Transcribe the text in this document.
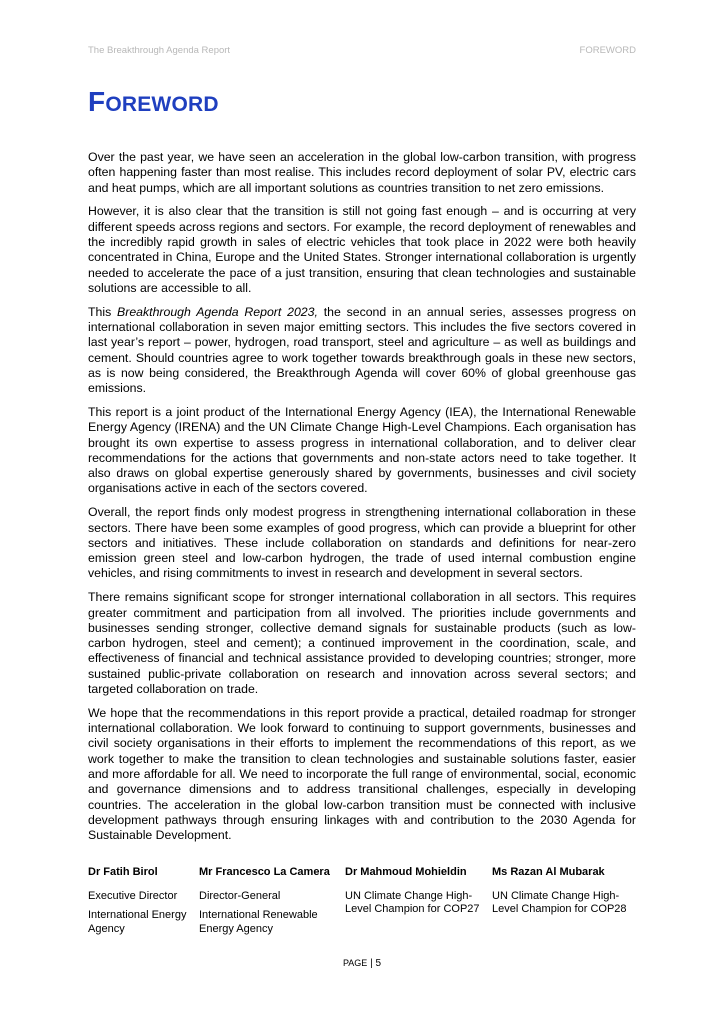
The Breakthrough Agenda Report	FOREWORD
FOREWORD

Over the past year, we have seen an acceleration in the global low-carbon transition, with progress often happening faster than most realise. This includes record deployment of solar PV, electric cars and heat pumps, which are all important solutions as countries transition to net zero emissions.

However, it is also clear that the transition is still not going fast enough – and is occurring at very different speeds across regions and sectors. For example, the record deployment of renewables and the incredibly rapid growth in sales of electric vehicles that took place in 2022 were both heavily concentrated in China, Europe and the United States. Stronger international collaboration is urgently needed to accelerate the pace of a just transition, ensuring that clean technologies and sustainable solutions are accessible to all.

This Breakthrough Agenda Report 2023, the second in an annual series, assesses progress on international collaboration in seven major emitting sectors. This includes the five sectors covered in last year’s report – power, hydrogen, road transport, steel and agriculture – as well as buildings and cement. Should countries agree to work together towards breakthrough goals in these new sectors, as is now being considered, the Breakthrough Agenda will cover 60% of global greenhouse gas emissions.

This report is a joint product of the International Energy Agency (IEA), the International Renewable Energy Agency (IRENA) and the UN Climate Change High-Level Champions. Each organisation has brought its own expertise to assess progress in international collaboration, and to deliver clear recommendations for the actions that governments and non-state actors need to take together. It also draws on global expertise generously shared by governments, businesses and civil society organisations active in each of the sectors covered.

Overall, the report finds only modest progress in strengthening international collaboration in these sectors. There have been some examples of good progress, which can provide a blueprint for other sectors and initiatives. These include collaboration on standards and definitions for near-zero emission green steel and low-carbon hydrogen, the trade of used internal combustion engine vehicles, and rising commitments to invest in research and development in several sectors.

There remains significant scope for stronger international collaboration in all sectors. This requires greater commitment and participation from all involved. The priorities include governments and businesses sending stronger, collective demand signals for sustainable products (such as low-carbon hydrogen, steel and cement); a continued improvement in the coordination, scale, and effectiveness of financial and technical assistance provided to developing countries; stronger, more sustained public-private collaboration on research and innovation across several sectors; and targeted collaboration on trade.

We hope that the recommendations in this report provide a practical, detailed roadmap for stronger international collaboration. We look forward to continuing to support governments, businesses and civil society organisations in their efforts to implement the recommendations of this report, as we work together to make the transition to clean technologies and sustainable solutions faster, easier and more affordable for all. We need to incorporate the full range of environmental, social, economic and governance dimensions and to address transitional challenges, especially in developing countries. The acceleration in the global low-carbon transition must be connected with inclusive development pathways through ensuring linkages with and contribution to the 2030 Agenda for Sustainable Development.

Dr Fatih Birol
Executive Director
International Energy Agency
Mr Francesco La Camera
Director-General
International Renewable Energy Agency
Dr Mahmoud Mohieldin
UN Climate Change High-Level Champion for COP27
Ms Razan Al Mubarak
UN Climate Change High-Level Champion for COP28
PAGE | 5
